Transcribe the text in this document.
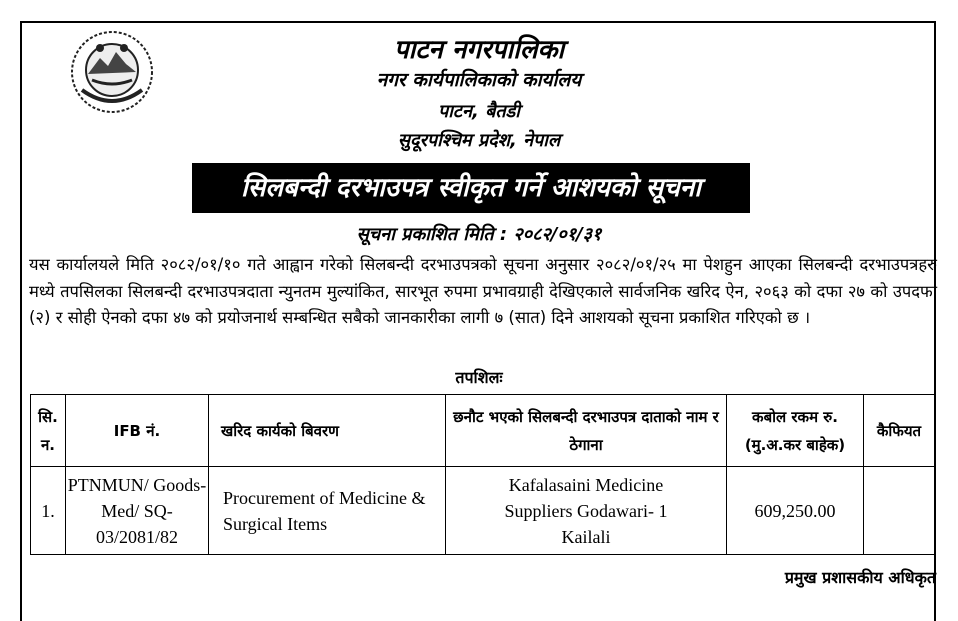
पाटन नगरपालिका
नगर कार्यपालिकाको कार्यालय
पाटन, बैतडी
सुदूरपश्चिम प्रदेश, नेपाल
सिलबन्दी दरभाउपत्र स्वीकृत गर्ने आशयको सूचना
सूचना प्रकाशित मिति : २०८२/०१/३१
यस कार्यालयले मिति २०८२/०१/१० गते आह्वान गरेको सिलबन्दी दरभाउपत्रको सूचना अनुसार २०८२/०१/२५ मा पेशहुन आएका सिलबन्दी दरभाउपत्रहरु मध्ये तपसिलका सिलबन्दी दरभाउपत्रदाता न्युनतम मुल्यांकित, सारभूत रुपमा प्रभावग्राही देखिएकाले सार्वजनिक खरिद ऐन, २०६३ को दफा २७ को उपदफा (२) र सोही ऐनको दफा ४७ को प्रयोजनार्थ सम्बन्धित सबैको जानकारीका लागी ७ (सात) दिने आशयको सूचना प्रकाशित गरिएको छ ।
तपशिलः
सि. न.	IFB नं.	खरिद कार्यको बिवरण	छनौट भएको सिलबन्दी दरभाउपत्र दाताको नाम र ठेगाना	कबोल रकम रु. (मु.अ.कर बाहेक)	कैफियत
1.	PTNMUN/ Goods-Med/ SQ-03/2081/82	Procurement of Medicine & Surgical Items	Kafalasaini Medicine Suppliers Godawari- 1 Kailali	609,250.00	
प्रमुख प्रशासकीय अधिकृत
